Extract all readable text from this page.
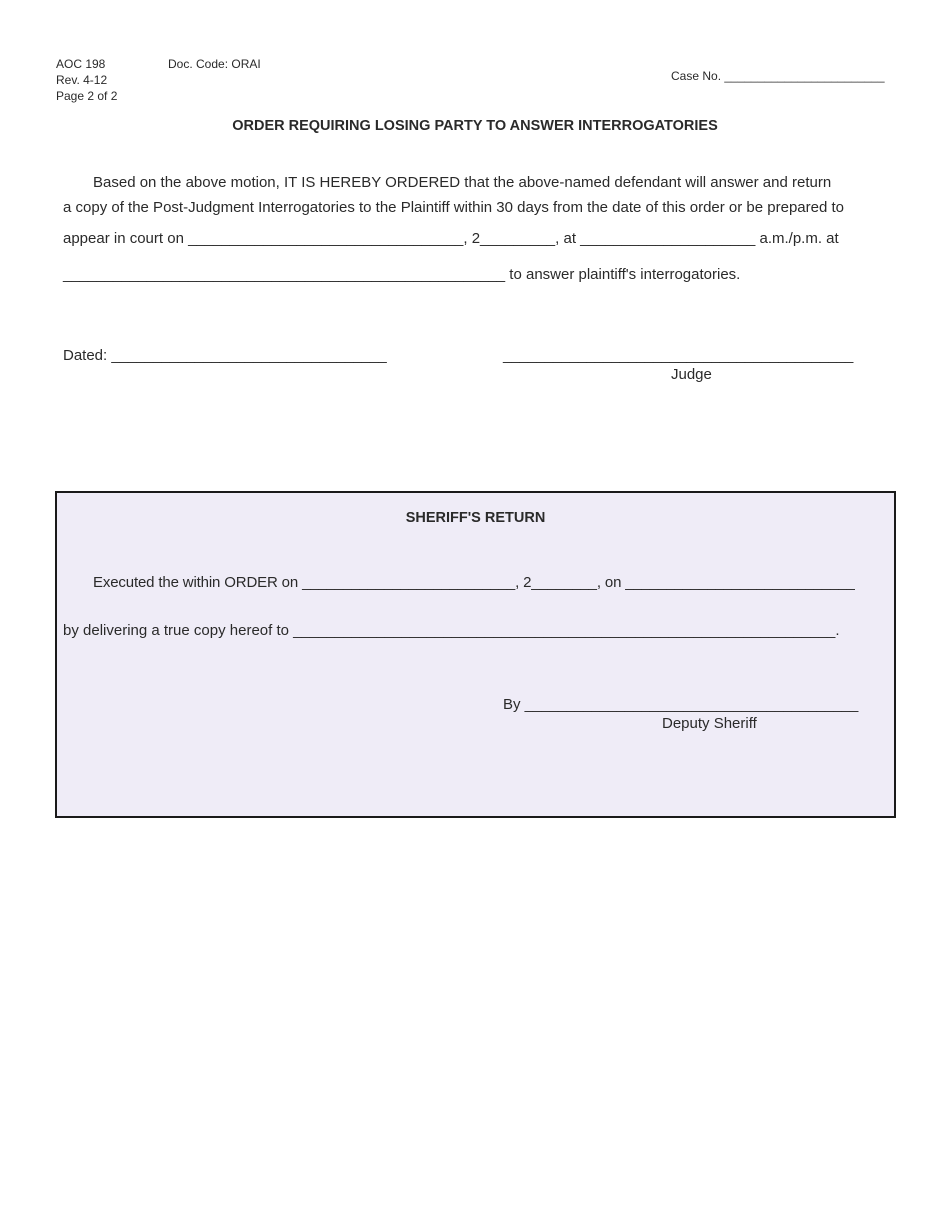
AOC 198
Rev. 4-12
Page 2 of 2
Doc. Code: ORAI
Case No. ________________________
ORDER REQUIRING LOSING PARTY TO ANSWER INTERROGATORIES
Based on the above motion, IT IS HEREBY ORDERED that the above-named defendant will answer and return
a copy of the Post-Judgment Interrogatories to the Plaintiff within 30 days from the date of this order or be prepared to
appear in court on _________________________________, 2_________, at _____________________ a.m./p.m. at
_____________________________________________________ to answer plaintiff's interrogatories.
Dated: _________________________________	__________________________________________
Judge
SHERIFF'S RETURN
Executed the within ORDER on __________________________, 2________, on ____________________________
by delivering a true copy hereof to _________________________________________________________________.
By ________________________________________
Deputy Sheriff
